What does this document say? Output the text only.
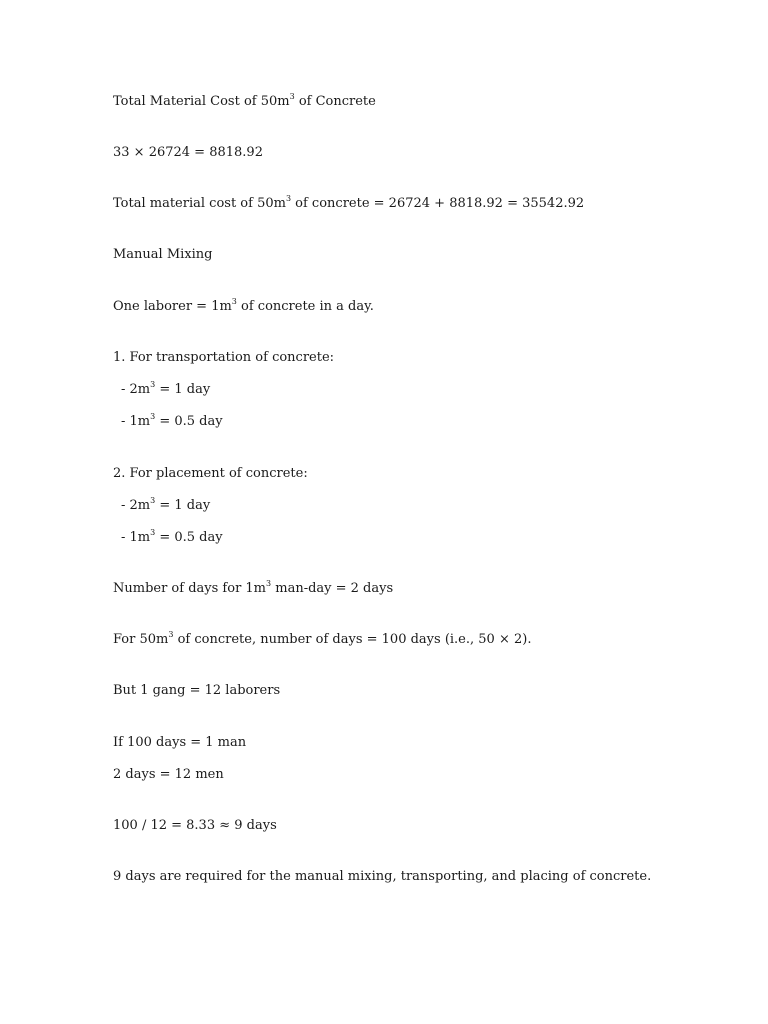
Total Material Cost of $50m^3$ of Concrete
33 × 26724 = 8818.92
Total material cost of $50m^3$ of concrete = 26724 + 8818.92 = 35542.92
Manual Mixing
One laborer = $1m^3$ of concrete in a day.
1. For transportation of concrete:
- $2m^3 = 1$ day
- $1m^3 = 0.5$ day
2. For placement of concrete:
- $2m^3 = 1$ day
- $1m^3 = 0.5$ day
Number of days for $1m^3$ man-day = 2 days
For $50m^3$ of concrete, number of days = 100 days (i.e., 50 × 2).
But 1 gang = 12 laborers
If 100 days = 1 man
2 days = 12 men
100 / 12 = 8.33 ≈ 9 days
9 days are required for the manual mixing, transporting, and placing of concrete.
